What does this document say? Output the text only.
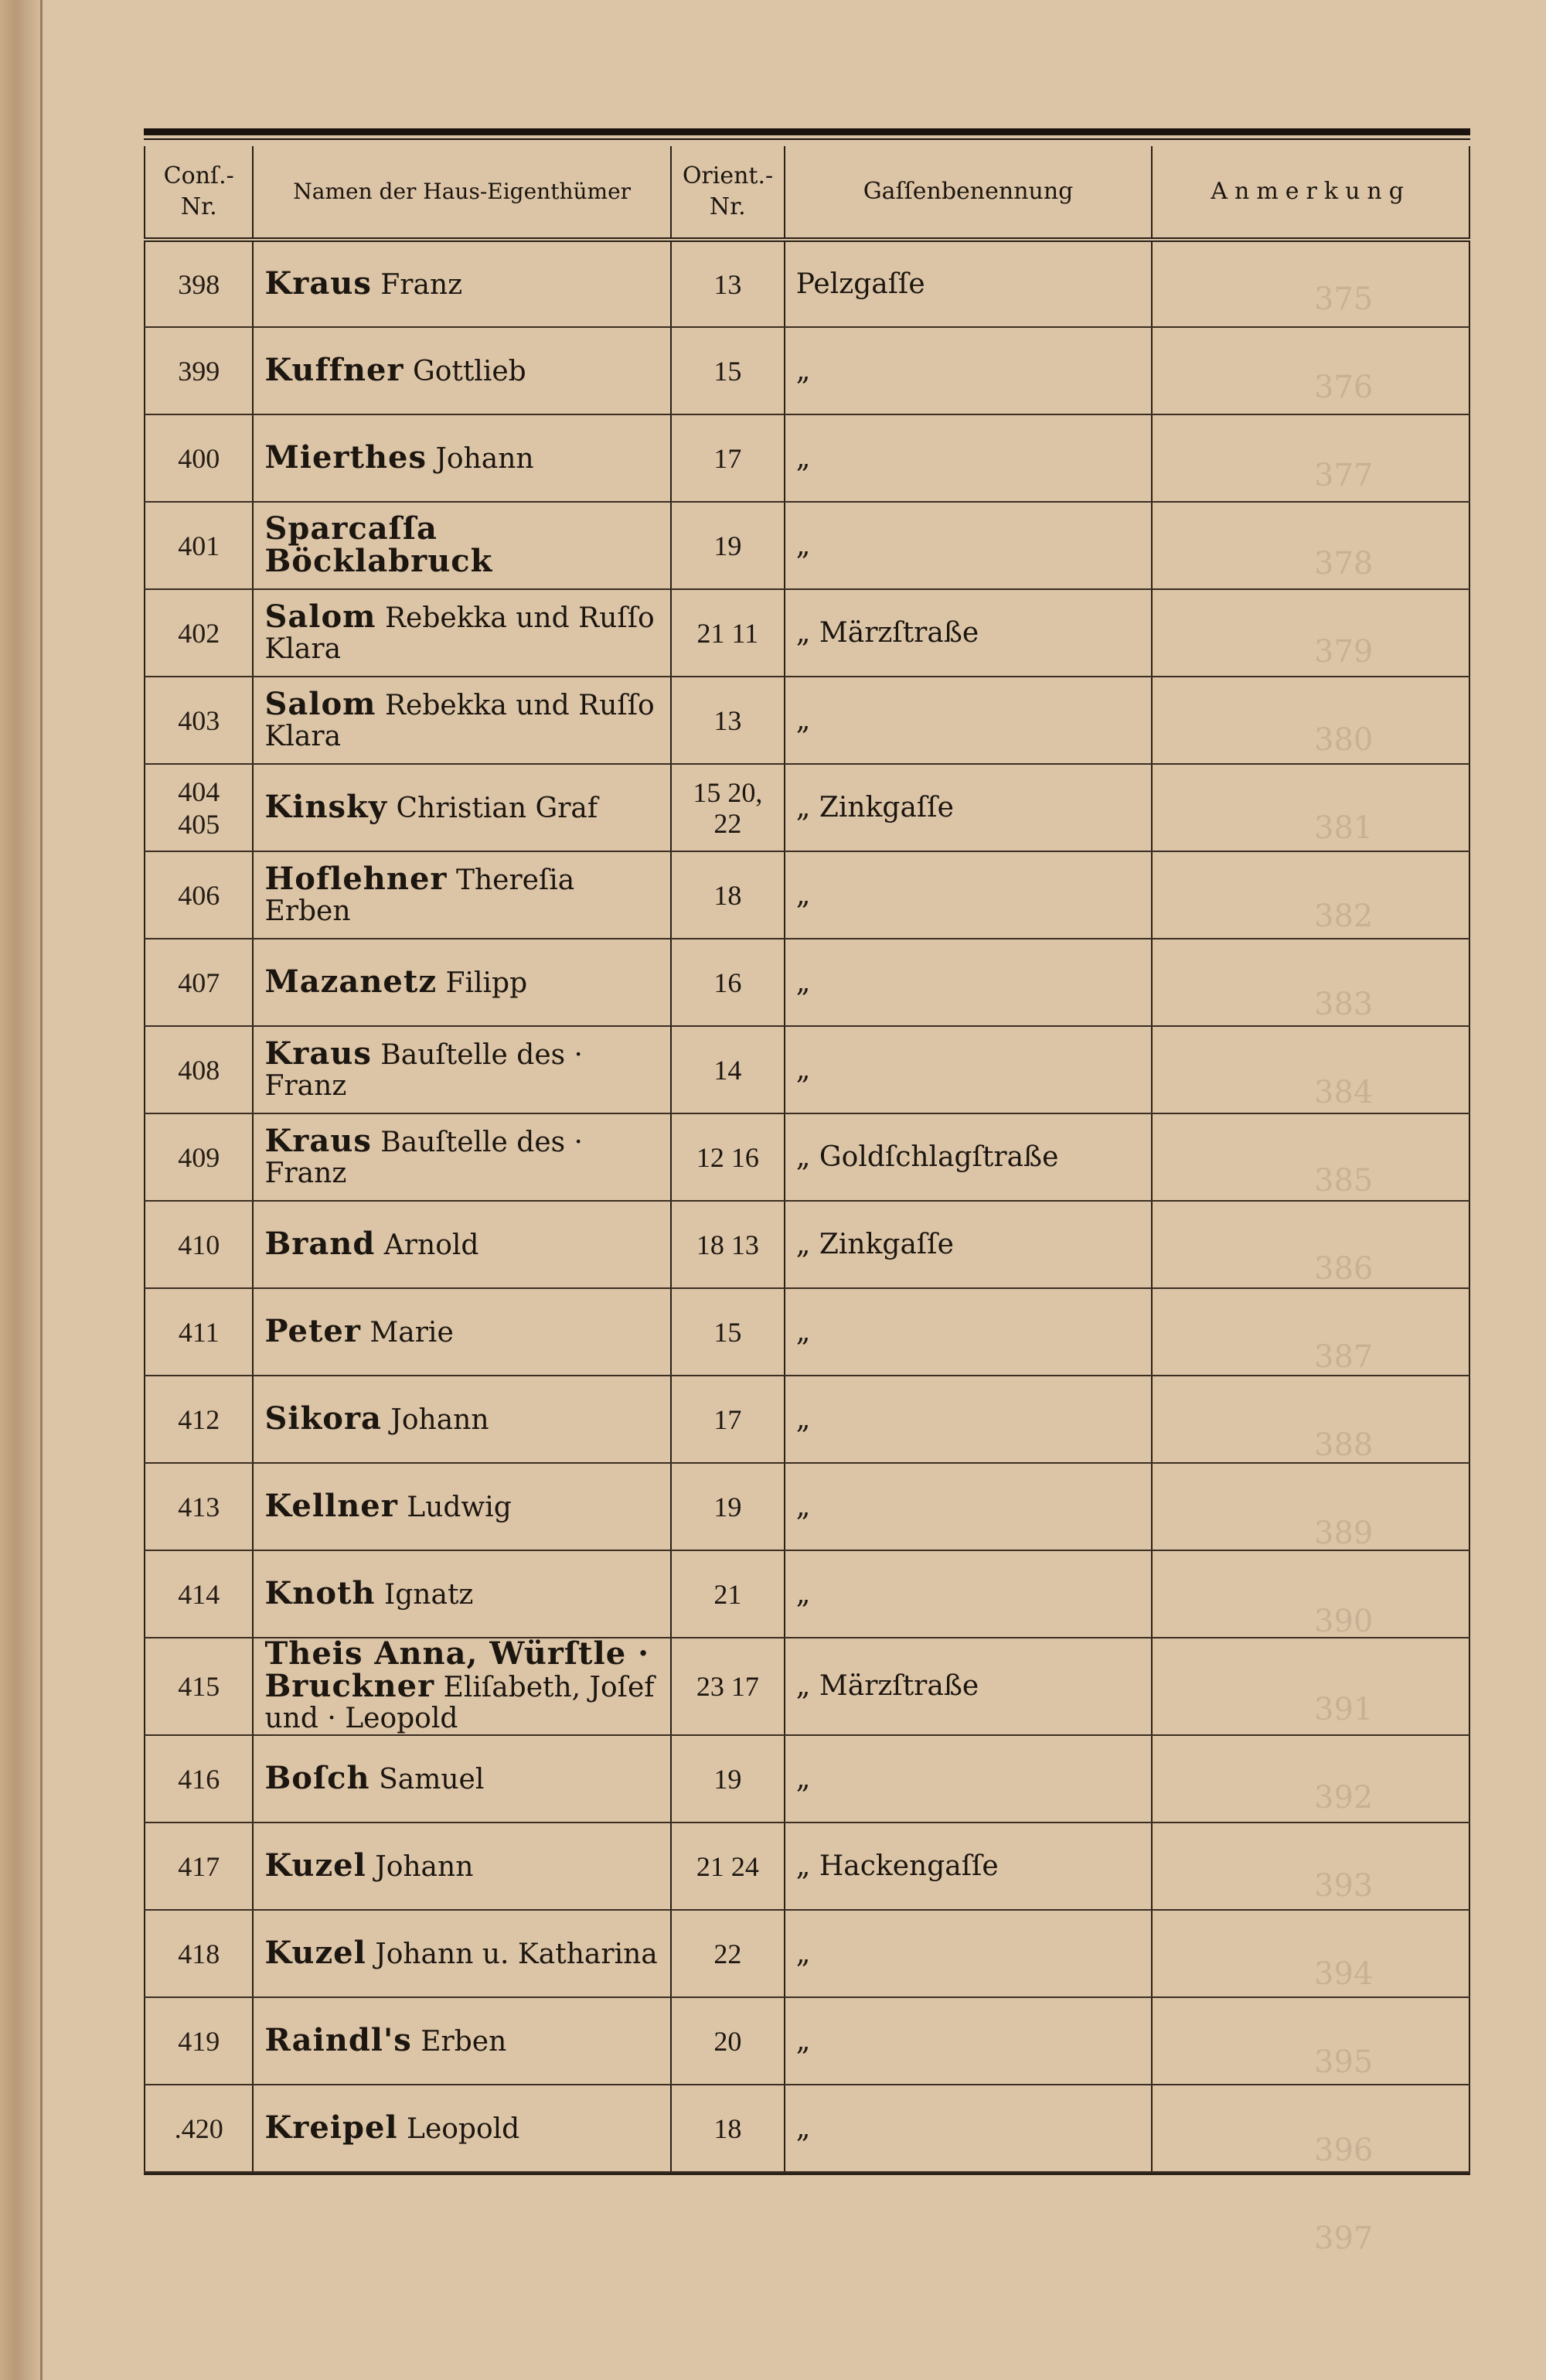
375
376
377
378
379
380
381
382
383
384
385
386
387
388
389
390
391
392
393
394
395
396
397
Conſ.-Nr.	Namen der Haus-Eigenthümer	Orient.-Nr.	Gaſſenbenennung	Anmerkung
398	Kraus Franz	13	Pelzgaſſe	
399	Kuffner Gottlieb	15	„	
400	Mierthes Johann	17	„	
401	Sparcaſſa Böcklabruck	19	„	
402	Salom Rebekka und Ruſſo Klara	21 11	„ Märzſtraße	
403	Salom Rebekka und Ruſſo Klara	13	„	
404 405	Kinsky Christian Graf	15 20, 22	„ Zinkgaſſe	
406	Hoflehner Thereſia Erben	18	„	
407	Mazanetz Filipp	16	„	
408	Kraus Bauſtelle des · Franz	14	„	
409	Kraus Bauſtelle des · Franz	12 16	„ Goldſchlagſtraße	
410	Brand Arnold	18 13	„ Zinkgaſſe	
411	Peter Marie	15	„	
412	Sikora Johann	17	„	
413	Kellner Ludwig	19	„	
414	Knoth Ignatz	21	„	
415	Theis Anna, Würſtle · Bruckner Eliſabeth, Joſef und · Leopold	23 17	„ Märzſtraße	
416	Boſch Samuel	19	„	
417	Kuzel Johann	21 24	„ Hackengaſſe	
418	Kuzel Johann u. Katharina	22	„	
419	Raindl's Erben	20	„	
.420	Kreipel Leopold	18	„	
